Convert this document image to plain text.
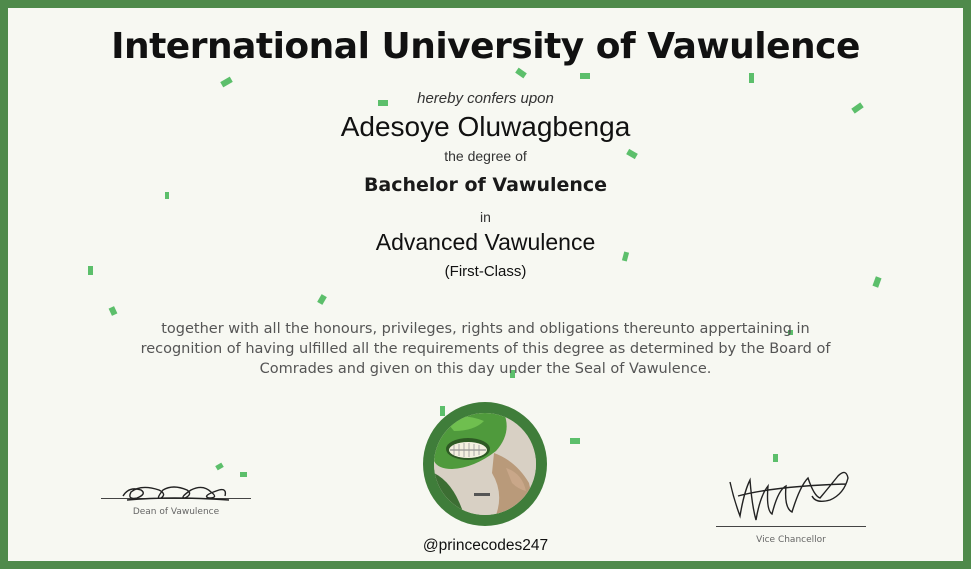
International University of Vawulence
hereby confers upon
Adesoye Oluwagbenga
the degree of
Bachelor of Vawulence
in
Advanced Vawulence
(First-Class)
together with all the honours, privileges, rights and obligations thereunto appertaining in recognition of having ulfilled all the requirements of this degree as determined by the Board of Comrades and given on this day under the Seal of Vawulence.
@princecodes247
Dean of Vawulence
Vice Chancellor
